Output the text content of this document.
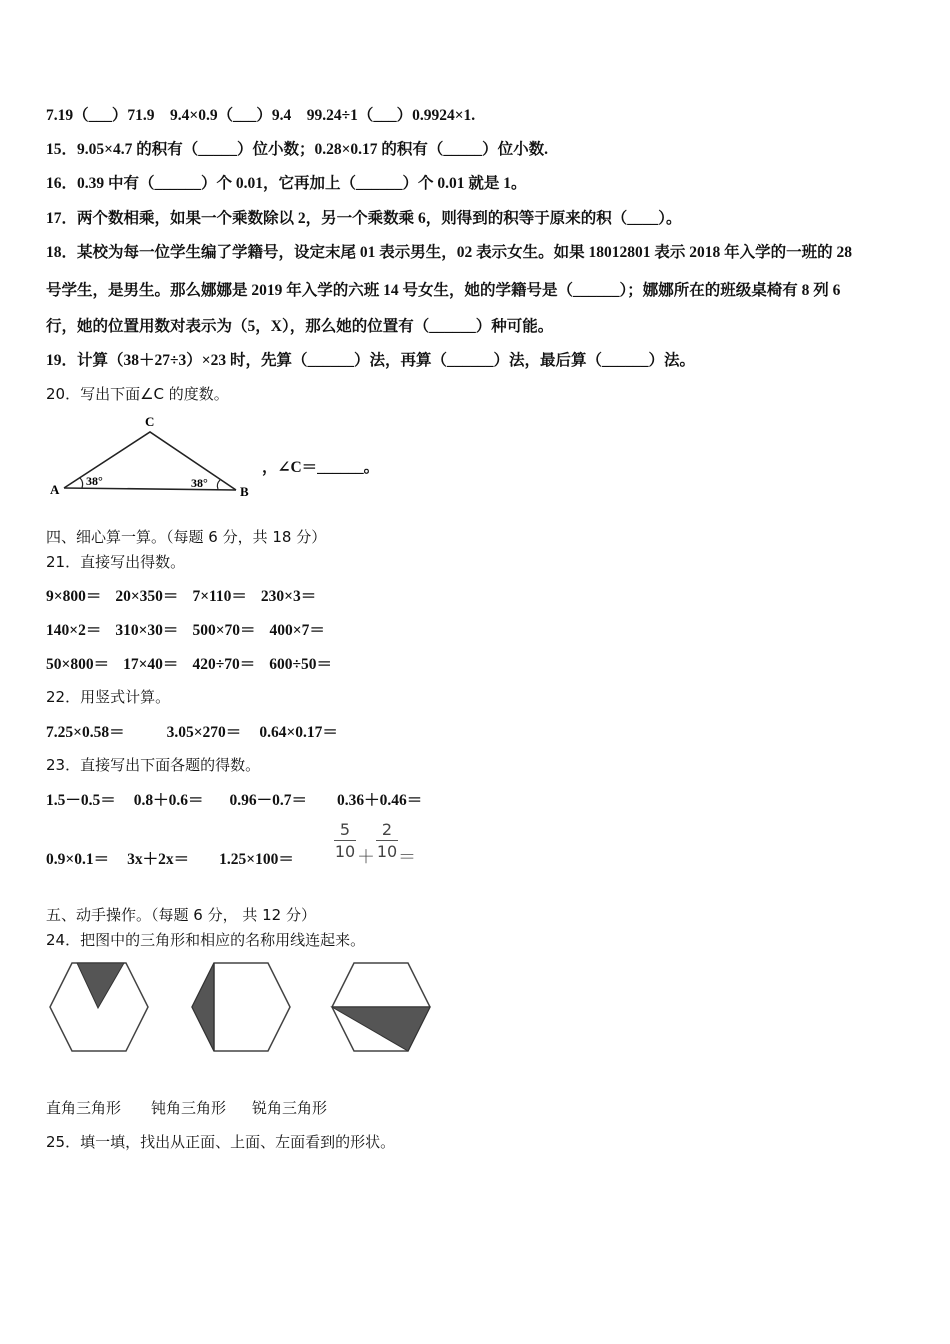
7.19（___）71.9　9.4×0.9（___）9.4　99.24÷1（___）0.9924×1.
15．9.05×4.7 的积有（_____）位小数；0.28×0.17 的积有（_____）位小数.
16．0.39 中有（______）个 0.01，它再加上（______）个 0.01 就是 1。
17．两个数相乘，如果一个乘数除以 2，另一个乘数乘 6，则得到的积等于原来的积（____）。
18．某校为每一位学生编了学籍号，设定末尾 01 表示男生，02 表示女生。如果 18012801 表示 2018 年入学的一班的 28
号学生，是男生。那么娜娜是 2019 年入学的六班 14 号女生，她的学籍号是（______）；娜娜所在的班级桌椅有 8 列 6
行，她的位置用数对表示为（5，X），那么她的位置有（______）种可能。
19．计算（38＋27÷3）×23 时，先算（______）法，再算（______）法，最后算（______）法。
20．写出下面∠C 的度数。
A	B
C
38°	38°
，∠C＝______。
四、细心算一算。（每题 6 分，共 18 分）
21．直接写出得数。
9×800＝ 20×350＝ 7×110＝ 230×3＝
140×2＝ 310×30＝ 500×70＝ 400×7＝
50×800＝ 17×40＝ 420÷70＝ 600÷50＝
22．用竖式计算。
7.25×0.58＝	3.05×270＝ 0.64×0.17＝
23．直接写出下面各题的得数。
1.5－0.5＝ 0.8＋0.6＝ 0.96－0.7＝ 0.36＋0.46＝
0.9×0.1＝ 3x＋2x＝ 1.25×100＝
5
10 ＋
2
10 ＝
五、动手操作。（每题 6 分， 共 12 分）
24．把图中的三角形和相应的名称用线连起来。
直角三角形 钝角三角形 锐角三角形
25．填一填，找出从正面、上面、左面看到的形状。
